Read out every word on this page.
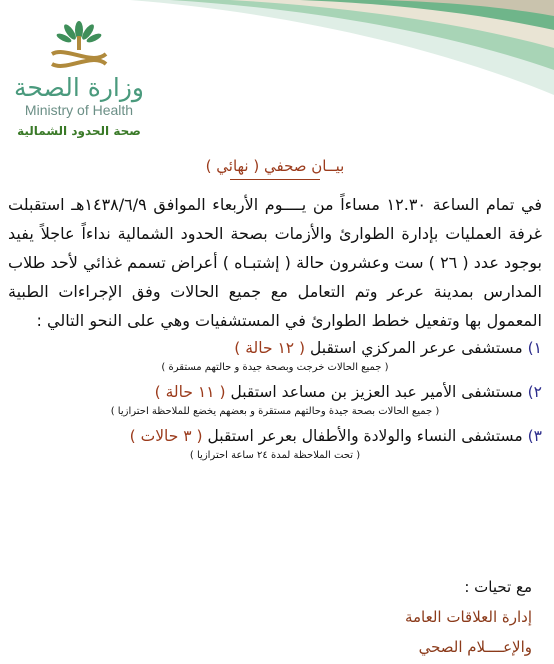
وزارة الصحة
Ministry of Health
صحة الحدود الشمالية
بيــان صحفي ( نهائي )
في تمام الساعة ١٢.٣٠ مساءاً من يــــوم الأربعاء الموافق ١٤٣٨/٦/٩هـ استقبلت غرفة العمليات بإدارة الطوارئ والأزمات بصحة الحدود الشمالية نداءاً عاجلاً يفيد بوجود عدد ( ٢٦ ) ست وعشرون حالة ( إشتبـاه ) أعراض تسمم غذائي لأحد طلاب المدارس بمدينة عرعر وتم التعامل مع جميع الحالات وفق الإجراءات الطبية المعمول بها وتفعيل خطط الطوارئ في المستشفيات وهي على النحو التالي :
١) مستشفى عرعر المركزي استقبل ( ١٢ حالة )
( جميع الحالات خرجت وبصحة جيدة و حالتهم مستقرة )
٢) مستشفى الأمير عبد العزيز بن مساعد استقبل ( ١١ حالة )
( جميع الحالات بصحة جيدة وحالتهم مستقرة و بعضهم يخضع للملاحظة احترازيا )
٣) مستشفى النساء والولادة والأطفال بعرعر استقبل ( ٣ حالات )
( تحت الملاحظة لمدة ٢٤ ساعة احترازيا )
مع تحيات :
إدارة العلاقات العامة
والإعــــلام الصحي
